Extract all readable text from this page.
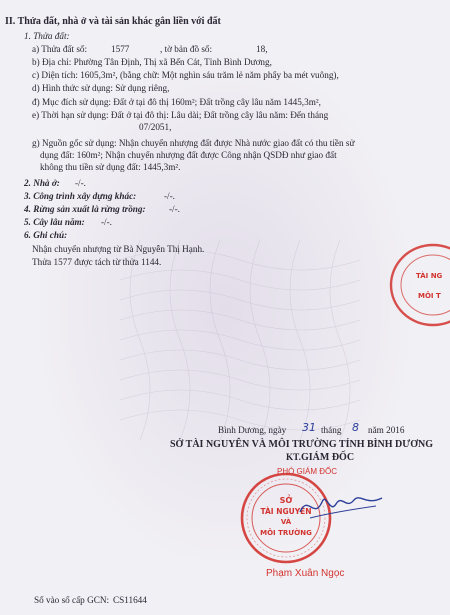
II. Thửa đất, nhà ở và tài sản khác gắn liền với đất
1. Thửa đất:
a) Thửa đất số:	1577	, tờ bản đồ số:	18,
b) Địa chỉ: Phường Tân Định, Thị xã Bến Cát, Tỉnh Bình Dương,
c) Diện tích: 1605,3m², (bằng chữ: Một nghìn sáu trăm lẻ năm phẩy ba mét vuông),
d) Hình thức sử dụng: Sử dụng riêng,
đ) Mục đích sử dụng: Đất ở tại đô thị 160m²; Đất trồng cây lâu năm 1445,3m²,
e) Thời hạn sử dụng: Đất ở tại đô thị: Lâu dài; Đất trồng cây lâu năm: Đến tháng
07/2051,
g) Nguồn gốc sử dụng: Nhận chuyển nhượng đất được Nhà nước giao đất có thu tiền sử
dụng đất: 160m²; Nhận chuyển nhượng đất được Công nhận QSDĐ như giao đất
không thu tiền sử dụng đất: 1445,3m².
2. Nhà ở: -/-.
3. Công trình xây dựng khác:	-/-.
4. Rừng sản xuất là rừng trồng:	-/-.
5. Cây lâu năm: -/-.
6. Ghi chú:
Nhận chuyển nhượng từ Bà Nguyễn Thị Hạnh.
Thửa 1577 được tách từ thửa 1144.
TÀI NG
MÔI T
Bình Dương, ngày 31 tháng 8 năm 2016
SỞ TÀI NGUYÊN VÀ MÔI TRƯỜNG TỈNH BÌNH DƯƠNG
KT. GIÁM ĐỐC
PHÓ GIÁM ĐỐC
SỞ
TÀI NGUYÊN
VÀ
MÔI TRƯỜNG
Phạm Xuân Ngọc
Số vào sổ cấp GCN: CS11644
